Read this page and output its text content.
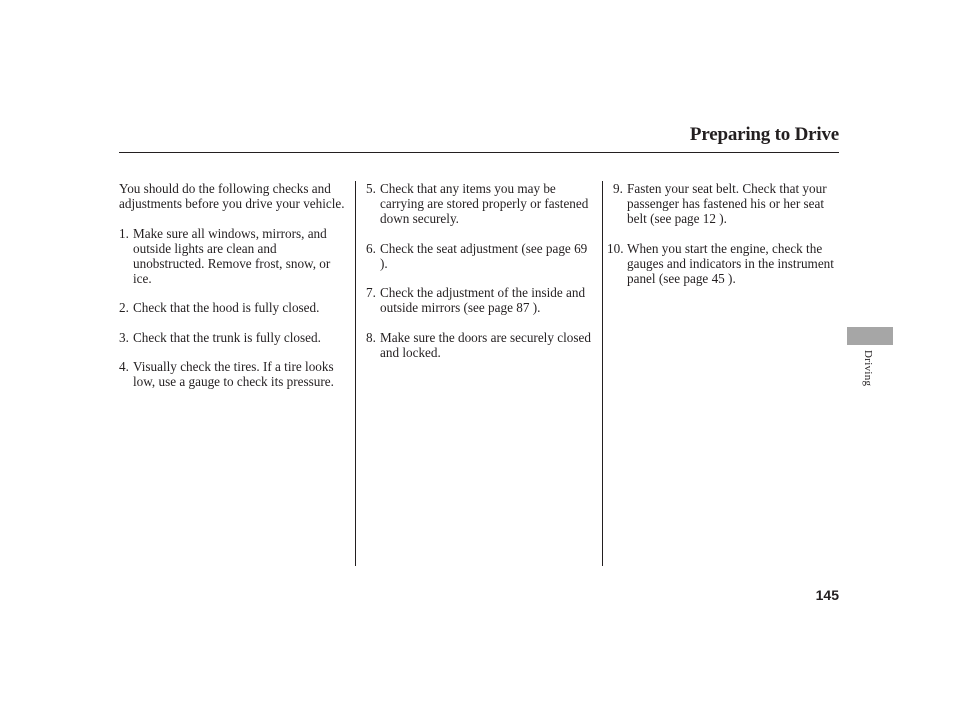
Preparing to Drive

You should do the following checks and adjustments before you drive your vehicle.

1. Make sure all windows, mirrors, and outside lights are clean and unobstructed. Remove frost, snow, or ice.
2. Check that the hood is fully closed.
3. Check that the trunk is fully closed.
4. Visually check the tires. If a tire looks low, use a gauge to check its pressure.
5. Check that any items you may be carrying are stored properly or fastened down securely.
6. Check the seat adjustment (see page 69 ).
7. Check the adjustment of the inside and outside mirrors (see page 87 ).
8. Make sure the doors are securely closed and locked.
9. Fasten your seat belt. Check that your passenger has fastened his or her seat belt (see page 12 ).
10. When you start the engine, check the gauges and indicators in the instrument panel (see page 45 ).
Driving
145
